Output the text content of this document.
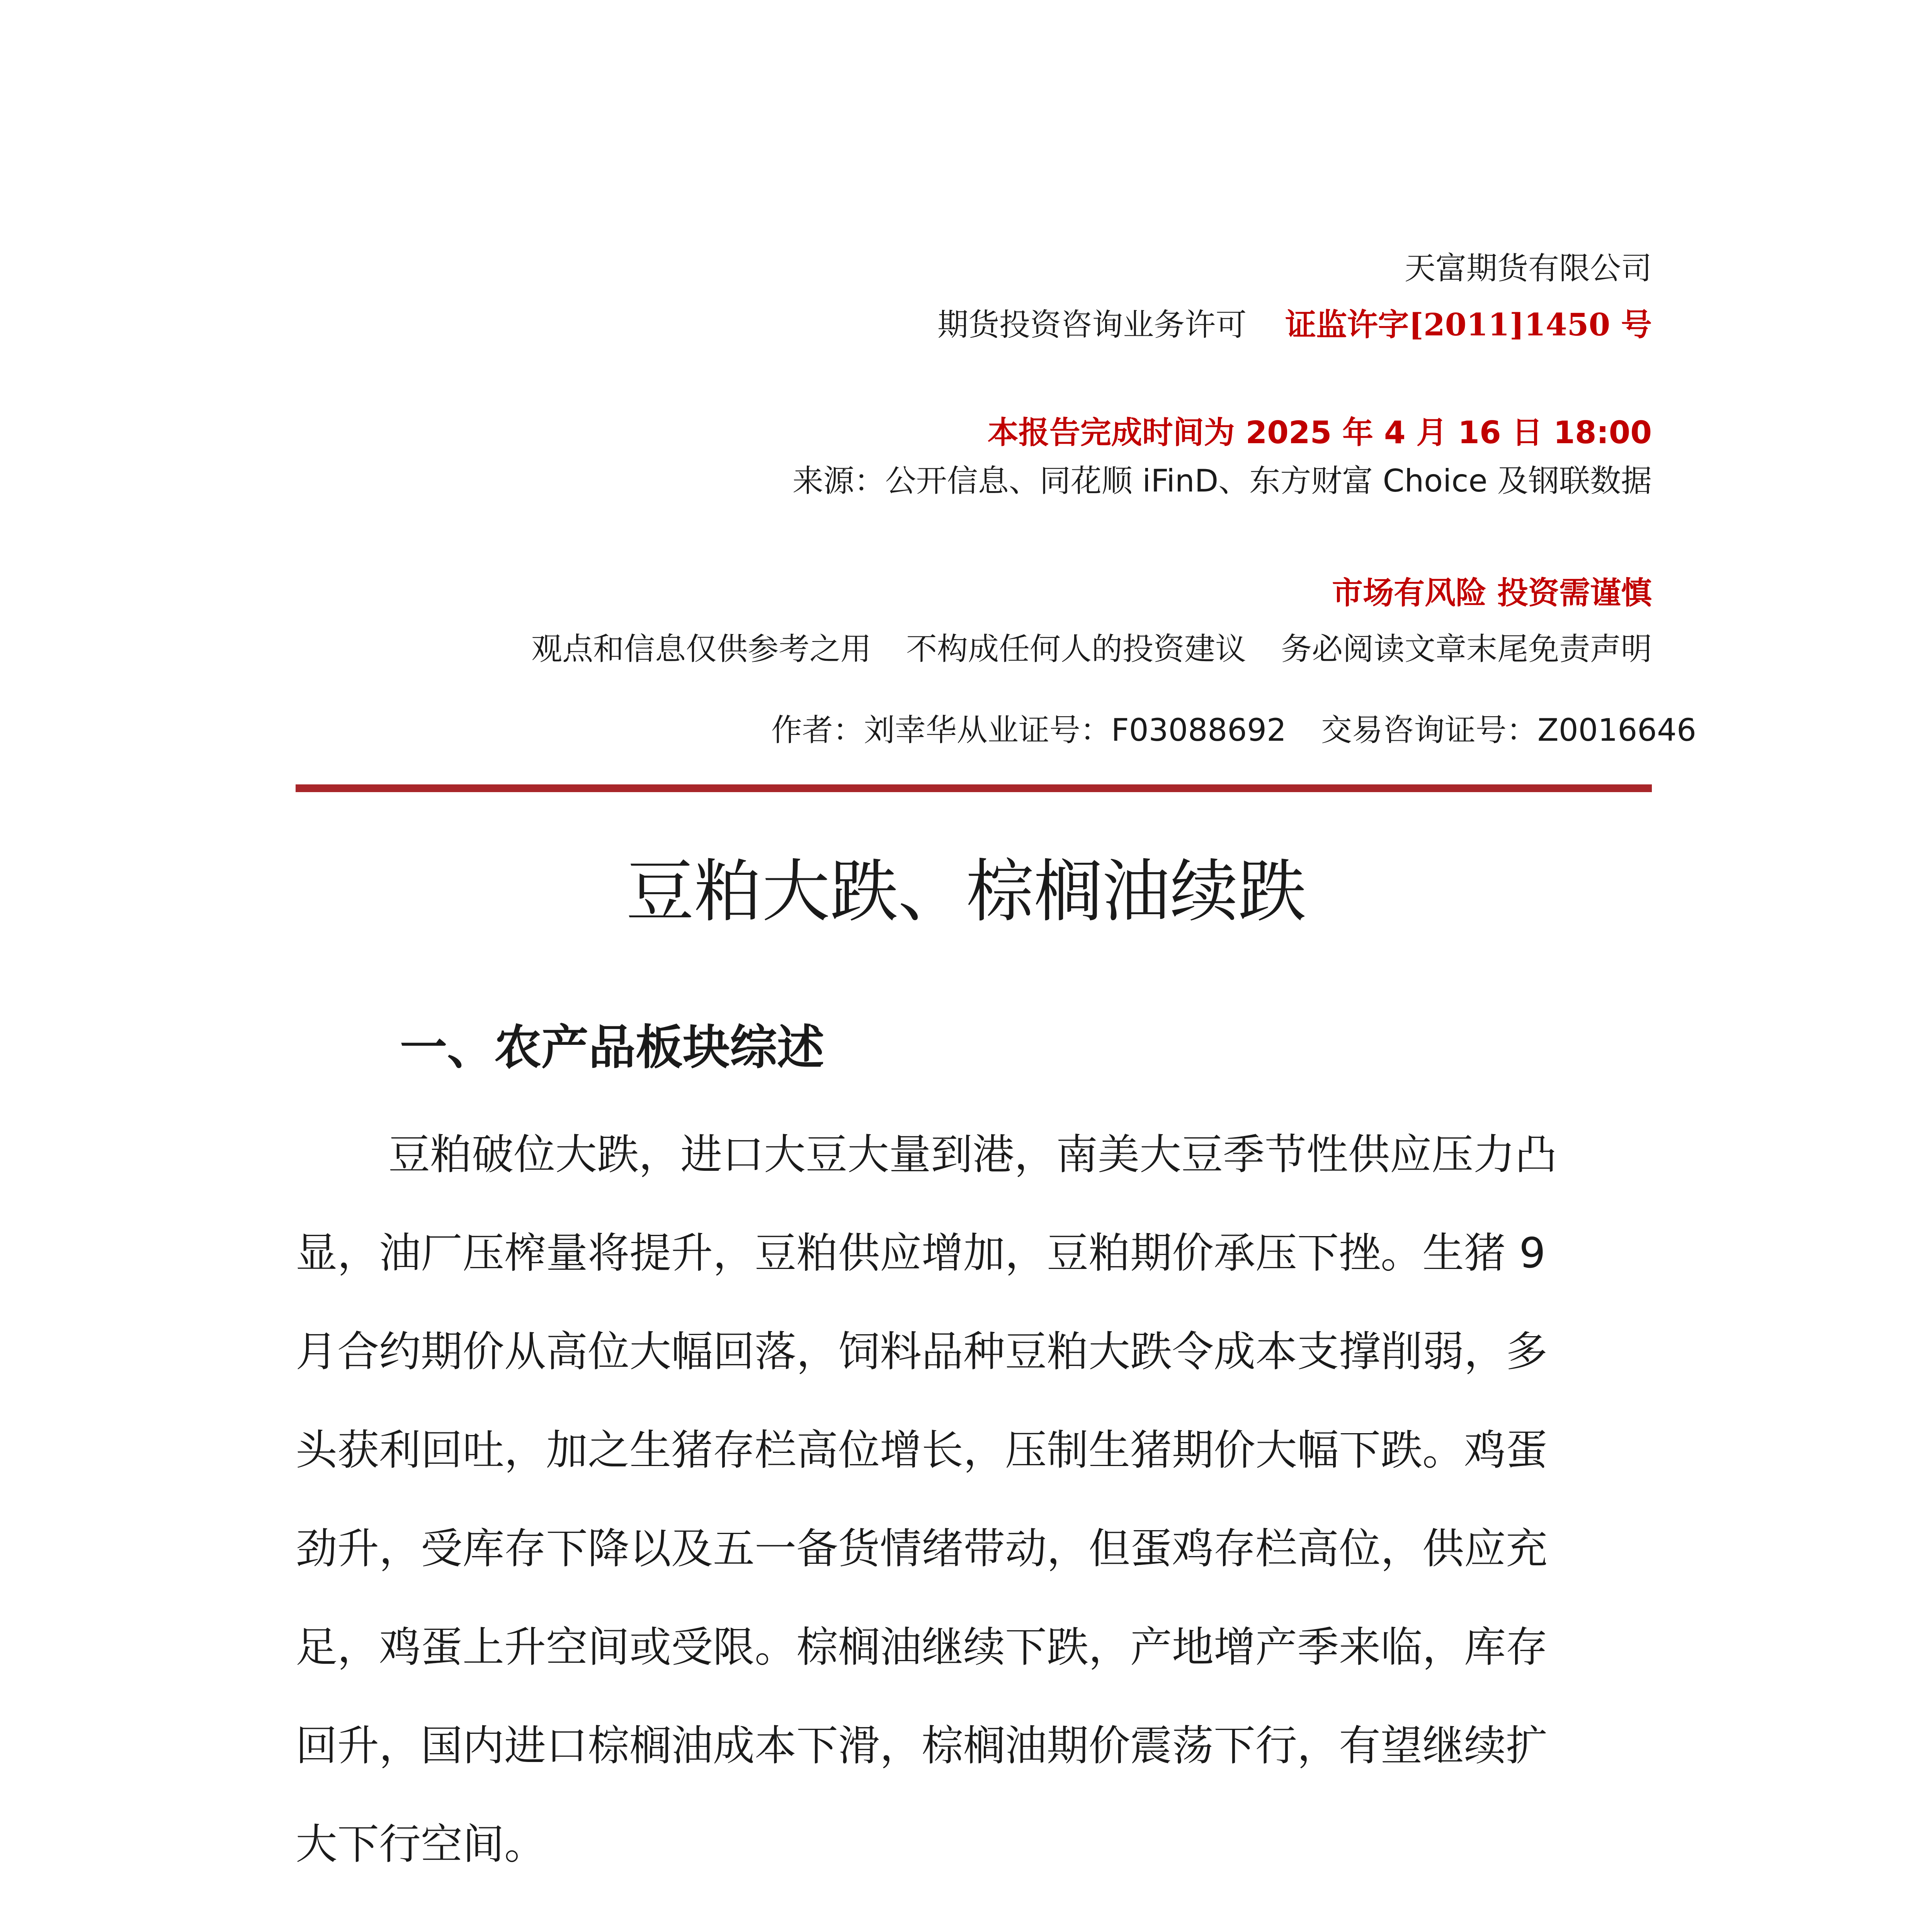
天富期货有限公司
期货投资咨询业务许可 证监许字[2011]1450 号
本报告完成时间为 2025 年 4 月 16 日 18:00
来源：公开信息、同花顺 iFinD、东方财富 Choice 及钢联数据
市场有风险 投资需谨慎
观点和信息仅供参考之用 不构成任何人的投资建议 务必阅读文章末尾免责声明
作者：刘幸华从业证号：F03088692 交易咨询证号：Z0016646
豆粕大跌、棕榈油续跌
一、农产品板块综述
豆粕破位大跌，进口大豆大量到港，南美大豆季节性供应压力凸
显，油厂压榨量将提升，豆粕供应增加，豆粕期价承压下挫。生猪 9
月合约期价从高位大幅回落，饲料品种豆粕大跌令成本支撑削弱，多
头获利回吐，加之生猪存栏高位增长，压制生猪期价大幅下跌。鸡蛋
劲升，受库存下降以及五一备货情绪带动，但蛋鸡存栏高位，供应充
足，鸡蛋上升空间或受限。棕榈油继续下跌，产地增产季来临，库存
回升，国内进口棕榈油成本下滑，棕榈油期价震荡下行，有望继续扩
大下行空间。
